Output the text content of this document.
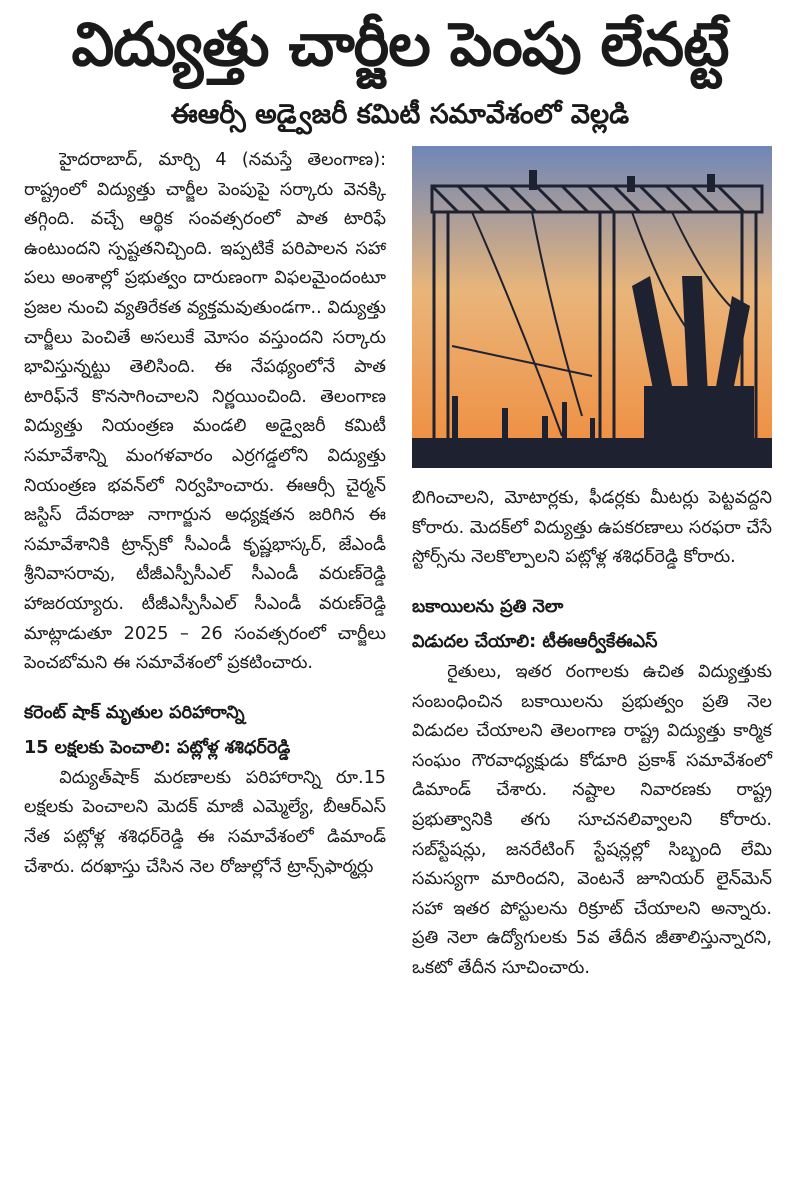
విద్యుత్తు చార్జీల పెంపు లేనట్టే
ఈఆర్సీ అడ్వైజరీ కమిటీ సమావేశంలో వెల్లడి

హైదరాబాద్, మార్చి 4 (నమస్తే తెలంగాణ): రాష్ట్రంలో విద్యుత్తు చార్జీల పెంపుపై సర్కారు వెనక్కి తగ్గింది. వచ్చే ఆర్థిక సంవత్సరంలో పాత టారిఫే ఉంటుందని స్పష్టతనిచ్చింది. ఇప్పటికే పరిపాలన సహా పలు అంశాల్లో ప్రభుత్వం దారుణంగా విఫలమైందంటూ ప్రజల నుంచి వ్యతిరేకత వ్యక్తమవుతుండగా.. విద్యుత్తు చార్జీలు పెంచితే అసలుకే మోసం వస్తుందని సర్కారు భావిస్తున్నట్టు తెలిసింది. ఈ నేపథ్యంలోనే పాత టారిఫ్‌నే కొనసాగించాలని నిర్ణయించింది. తెలంగాణ విద్యుత్తు నియంత్రణ మండలి అడ్వైజరీ కమిటీ సమావేశాన్ని మంగళవారం ఎర్రగడ్డలోని విద్యుత్తు నియంత్రణ భవన్‌లో నిర్వహించారు. ఈఆర్సీ చైర్మన్ జస్టిస్ దేవరాజు నాగార్జున అధ్యక్షతన జరిగిన ఈ సమావేశానికి ట్రాన్స్‌కో సీఎండీ కృష్ణభాస్కర్, జేఎండీ శ్రీనివాసరావు, టీజీఎస్పీసీఎల్ సీఎండీ వరుణ్‌రెడ్డి హాజరయ్యారు. టీజీఎస్పీసీఎల్ సీఎండీ వరుణ్‌రెడ్డి మాట్లాడుతూ 2025 – 26 సంవత్సరంలో చార్జీలు పెంచబోమని ఈ సమావేశంలో ప్రకటించారు.

కరెంట్ షాక్ మృతుల పరిహారాన్ని

15 లక్షలకు పెంచాలి: పట్లోళ్ల శశిధర్‌రెడ్డి

విద్యుత్‌షాక్ మరణాలకు పరిహారాన్ని రూ.15 లక్షలకు పెంచాలని మెదక్ మాజీ ఎమ్మెల్యే, బీఆర్ఎస్ నేత పట్లోళ్ల శశిధర్‌రెడ్డి ఈ సమావేశంలో డిమాండ్ చేశారు. దరఖాస్తు చేసిన నెల రోజుల్లోనే ట్రాన్స్‌ఫార్మర్లు

బిగించాలని, మోటార్లకు, ఫీడర్లకు మీటర్లు పెట్టవద్దని కోరారు. మెదక్‌లో విద్యుత్తు ఉపకరణాలు సరఫరా చేసే స్టోర్స్‌ను నెలకొల్పాలని పట్లోళ్ల శశిధర్‌రెడ్డి కోరారు.

బకాయిలను ప్రతి నెలా

విడుదల చేయాలి: టీఈఆర్వీకేఈఎస్

రైతులు, ఇతర రంగాలకు ఉచిత విద్యుత్తుకు సంబంధించిన బకాయిలను ప్రభుత్వం ప్రతి నెల విడుదల చేయాలని తెలంగాణ రాష్ట్ర విద్యుత్తు కార్మిక సంఘం గౌరవాధ్యక్షుడు కోడూరి ప్రకాశ్ సమావేశంలో డిమాండ్ చేశారు. నష్టాల నివారణకు రాష్ట్ర ప్రభుత్వానికి తగు సూచనలివ్వాలని కోరారు. సబ్‌స్టేషన్లు, జనరేటింగ్ స్టేషన్లల్లో సిబ్బంది లేమి సమస్యగా మారిందని, వెంటనే జూనియర్ లైన్‌మెన్ సహా ఇతర పోస్టులను రిక్రూట్ చేయాలని అన్నారు. ప్రతి నెలా ఉద్యోగులకు 5వ తేదీన జీతాలిస్తున్నారని, ఒకటో తేదీన సూచించారు.
